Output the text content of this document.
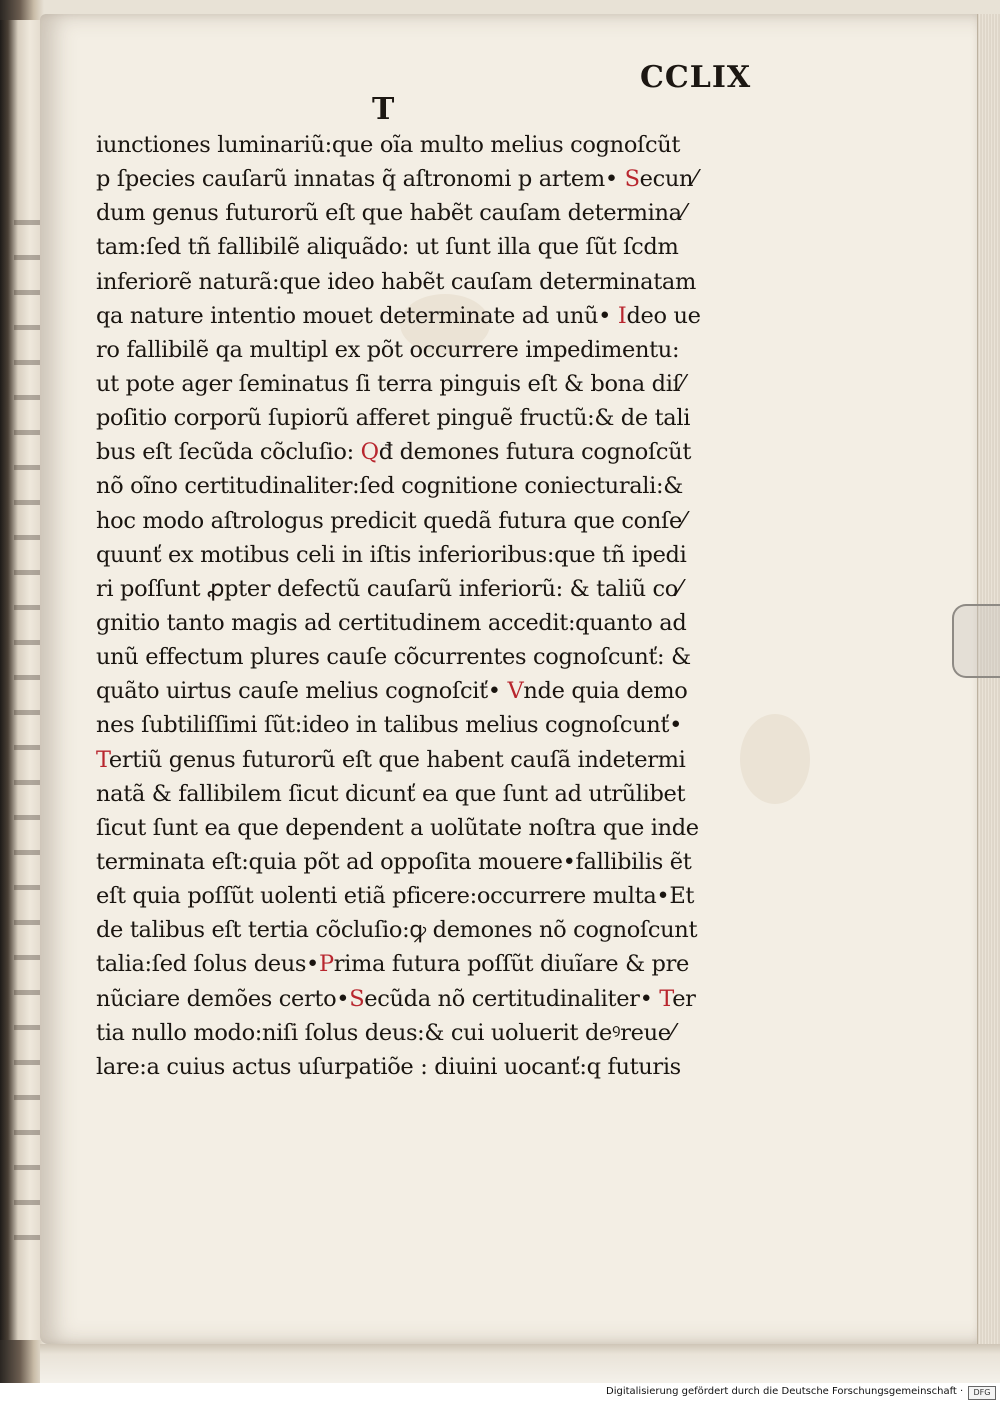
CCLIX
T
iunctiones luminariũ:que oĩa multo melius cognoſcũt
p ſpecies cauſarũ innatas q̃ aſtronomi p artem• Secun⁄
dum genus futurorũ eſt que habẽt cauſam determina⁄
tam:ſed tñ fallibilẽ aliquãdo: ut ſunt illa que ſũt ſcdm
inferiorẽ naturã:que ideo habẽt cauſam determinatam
qa nature intentio mouet determinate ad unũ• Ideo ue
ro fallibilẽ qa multipl ex põt occurrere impedimentu:
ut pote ager ſeminatus ſi terra pinguis eſt & bona diſ⁄
poſitio corporũ ſupiorũ afferet pinguẽ fructũ:& de tali
bus eſt ſecũda cõcluſio: Qđ demones futura cognoſcũt
nõ oĩno certitudinaliter:ſed cognitione coniecturali:&
hoc modo aſtrologus predicit quedã futura que conſe⁄
quunť ex motibus celi in iſtis inferioribus:que tñ ipedi
ri poſſunt ꝓpter defectũ cauſarũ inferiorũ: & taliũ co⁄
gnitio tanto magis ad certitudinem accedit:quanto ad
unũ effectum plures cauſe cõcurrentes cognoſcunť: &
quãto uirtus cauſe melius cognoſciť• Vnde quia demo
nes ſubtiliſſimi ſũt:ideo in talibus melius cognoſcunť•
Tertiũ genus futurorũ eſt que habent cauſã indetermi
natã & fallibilem ſicut dicunť ea que ſunt ad utrũlibet
ſicut ſunt ea que dependent a uolũtate noſtra que inde
terminata eſt:quia põt ad oppoſita mouere•fallibilis ẽt
eſt quia poſſũt uolenti etiã pficere:occurrere multa•Et
de talibus eſt tertia cõcluſio:ꝙ demones nõ cognoſcunt
talia:ſed ſolus deus•Prima futura poſſũt diuĩare & pre
nũciare demões certo•Secũda nõ certitudinaliter• Ter
tia nullo modo:niſi ſolus deus:& cui uoluerit deꝰreue⁄
lare:a cuius actus uſurpatiõe : diuini uocanť:q futuris
Digitalisierung gefördert durch die Deutsche Forschungsgemeinschaft ·	DFG
